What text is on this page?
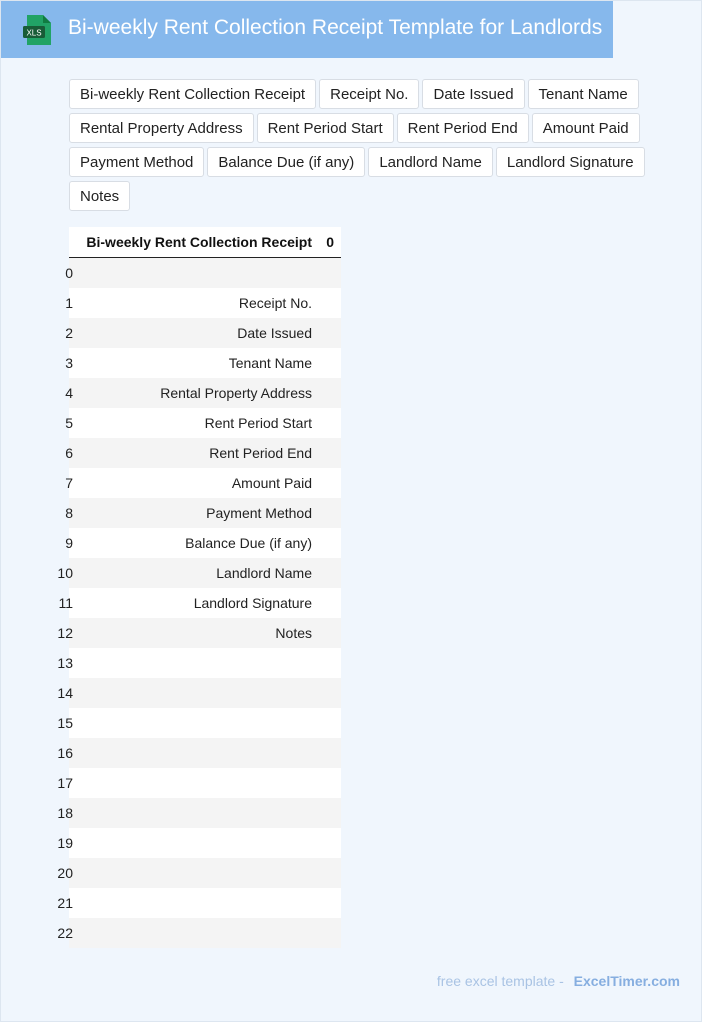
XLS Bi-weekly Rent Collection Receipt Template for Landlords
Bi-weekly Rent Collection Receipt	Receipt No.	Date Issued	Tenant Name
Rental Property Address	Rent Period Start	Rent Period End	Amount Paid
Payment Method	Balance Due (if any)	Landlord Name	Landlord Signature
Notes
Bi-weekly Rent Collection Receipt 0
0
1	Receipt No.
2	Date Issued
3	Tenant Name
4	Rental Property Address
5	Rent Period Start
6	Rent Period End
7	Amount Paid
8	Payment Method
9	Balance Due (if any)
10	Landlord Name
11	Landlord Signature
12	Notes
13
14
15
16
17
18
19
20
21
22
free excel template - ExcelTimer.com
